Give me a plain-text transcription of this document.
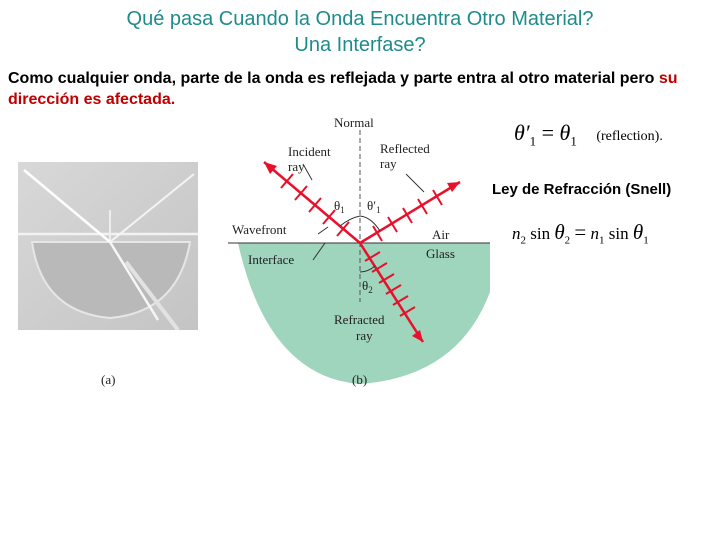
Qué pasa Cuando la Onda Encuentra Otro Material?
Una Interfase?
Como cualquier onda, parte de la onda es reflejada y parte entra al otro material pero su dirección es afectada.
Normal
Incident
ray
Reflected
ray
Wavefront
Interface
Air
Glass
Refracted
ray
$\theta_1$ $\theta'_1$
$\theta_2$
(a)	(b)
$\theta'_1 = \theta_1$ (reflection).
Ley de Refracción (Snell)
$n_2$ $\sin \theta_2 = n_1$ $\sin \theta_1$
